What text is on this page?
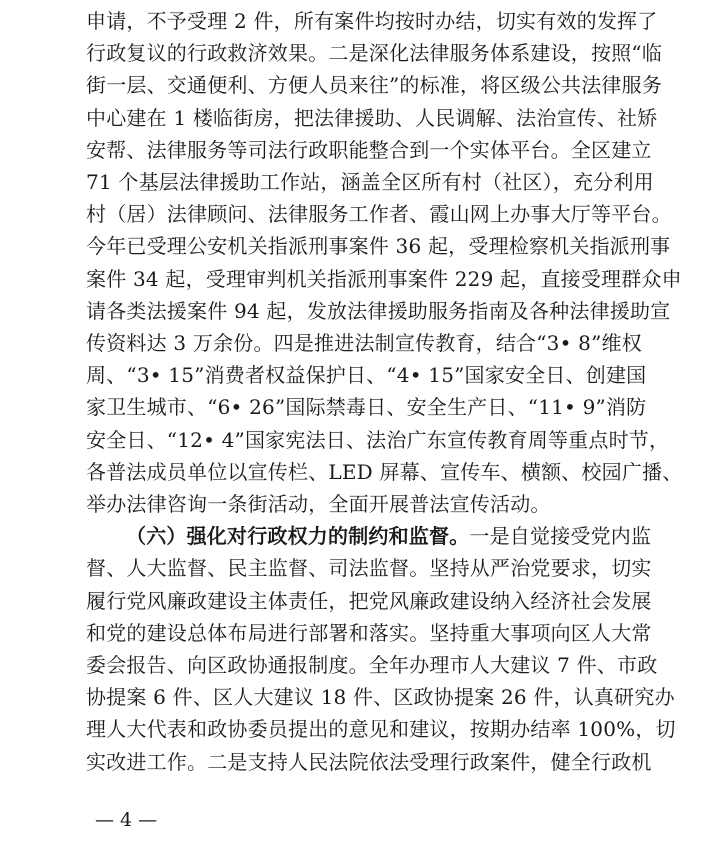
申请，不予受理 2 件，所有案件均按时办结，切实有效的发挥了
行政复议的行政救济效果。二是深化法律服务体系建设，按照“临
街一层、交通便利、方便人员来往”的标准，将区级公共法律服务
中心建在 1 楼临街房，把法律援助、人民调解、法治宣传、社矫
安帮、法律服务等司法行政职能整合到一个实体平台。全区建立
71 个基层法律援助工作站，涵盖全区所有村（社区），充分利用
村（居）法律顾问、法律服务工作者、霞山网上办事大厅等平台。
今年已受理公安机关指派刑事案件 36 起，受理检察机关指派刑事
案件 34 起，受理审判机关指派刑事案件 229 起，直接受理群众申
请各类法援案件 94 起，发放法律援助服务指南及各种法律援助宣
传资料达 3 万余份。四是推进法制宣传教育，结合“3• 8”维权
周、“3• 15”消费者权益保护日、“4• 15”国家安全日、创建国
家卫生城市、“6• 26”国际禁毒日、安全生产日、“11• 9”消防
安全日、“12• 4”国家宪法日、法治广东宣传教育周等重点时节，
各普法成员单位以宣传栏、LED 屏幕、宣传车、横额、校园广播、
举办法律咨询一条街活动，全面开展普法宣传活动。
（六）强化对行政权力的制约和监督。一是自觉接受党内监
督、人大监督、民主监督、司法监督。坚持从严治党要求，切实
履行党风廉政建设主体责任，把党风廉政建设纳入经济社会发展
和党的建设总体布局进行部署和落实。坚持重大事项向区人大常
委会报告、向区政协通报制度。全年办理市人大建议 7 件、市政
协提案 6 件、区人大建议 18 件、区政协提案 26 件，认真研究办
理人大代表和政协委员提出的意见和建议，按期办结率 100%，切
实改进工作。二是支持人民法院依法受理行政案件，健全行政机
— 4 —
